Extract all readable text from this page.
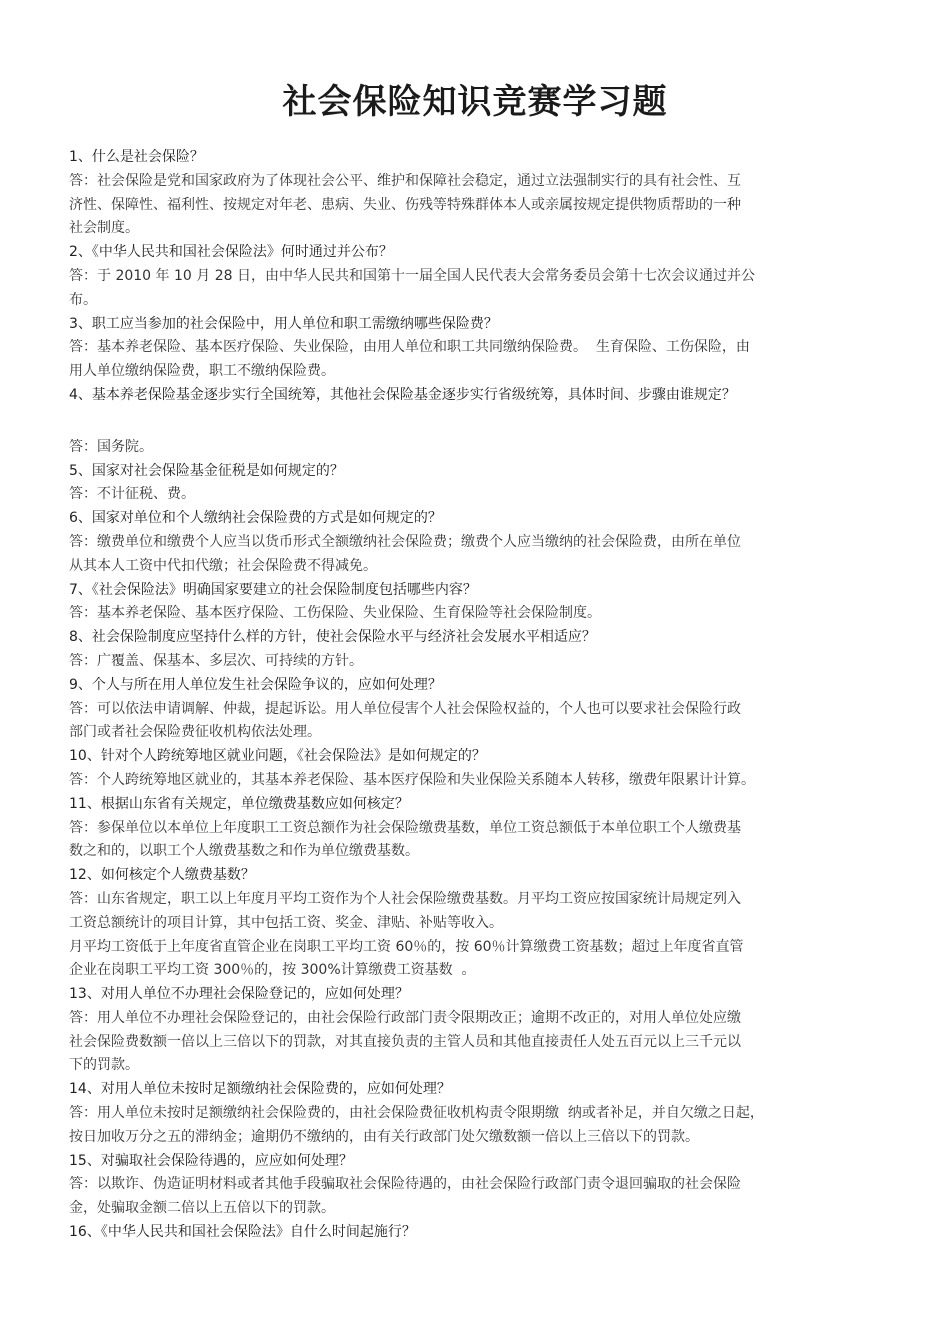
社会保险知识竞赛学习题
1、什么是社会保险？
答：社会保险是党和国家政府为了体现社会公平、维护和保障社会稳定，通过立法强制实行的具有社会性、互
济性、保障性、福利性、按规定对年老、患病、失业、伤残等特殊群体本人或亲属按规定提供物质帮助的一种
社会制度。
2、《中华人民共和国社会保险法》何时通过并公布？
答：于 2010 年 10 月 28 日，由中华人民共和国第十一届全国人民代表大会常务委员会第十七次会议通过并公
布。
3、职工应当参加的社会保险中，用人单位和职工需缴纳哪些保险费？
答：基本养老保险、基本医疗保险、失业保险，由用人单位和职工共同缴纳保险费。  生育保险、工伤保险，由
用人单位缴纳保险费，职工不缴纳保险费。
4、基本养老保险基金逐步实行全国统筹，其他社会保险基金逐步实行省级统筹，具体时间、步骤由谁规定？
答：国务院。
5、国家对社会保险基金征税是如何规定的？
答：不计征税、费。
6、国家对单位和个人缴纳社会保险费的方式是如何规定的？
答：缴费单位和缴费个人应当以货币形式全额缴纳社会保险费；缴费个人应当缴纳的社会保险费，由所在单位
从其本人工资中代扣代缴；社会保险费不得减免。
7、《社会保险法》明确国家要建立的社会保险制度包括哪些内容？
答：基本养老保险、基本医疗保险、工伤保险、失业保险、生育保险等社会保险制度。
8、社会保险制度应坚持什么样的方针，使社会保险水平与经济社会发展水平相适应？
答：广覆盖、保基本、多层次、可持续的方针。
9、个人与所在用人单位发生社会保险争议的，应如何处理？
答：可以依法申请调解、仲裁，提起诉讼。用人单位侵害个人社会保险权益的，个人也可以要求社会保险行政
部门或者社会保险费征收机构依法处理。
10、针对个人跨统筹地区就业问题，《社会保险法》是如何规定的？
答：个人跨统筹地区就业的，其基本养老保险、基本医疗保险和失业保险关系随本人转移，缴费年限累计计算。
11、根据山东省有关规定，单位缴费基数应如何核定？
答：参保单位以本单位上年度职工工资总额作为社会保险缴费基数，单位工资总额低于本单位职工个人缴费基
数之和的，以职工个人缴费基数之和作为单位缴费基数。
12、如何核定个人缴费基数？
答：山东省规定，职工以上年度月平均工资作为个人社会保险缴费基数。月平均工资应按国家统计局规定列入
工资总额统计的项目计算，其中包括工资、奖金、津贴、补贴等收入。
月平均工资低于上年度省直管企业在岗职工平均工资 60％的，按 60％计算缴费工资基数；超过上年度省直管
企业在岗职工平均工资 300％的，按 300%计算缴费工资基数  。
13、对用人单位不办理社会保险登记的，应如何处理？
答：用人单位不办理社会保险登记的，由社会保险行政部门责令限期改正；逾期不改正的，对用人单位处应缴
社会保险费数额一倍以上三倍以下的罚款，对其直接负责的主管人员和其他直接责任人处五百元以上三千元以
下的罚款。
14、对用人单位未按时足额缴纳社会保险费的，应如何处理？
答：用人单位未按时足额缴纳社会保险费的，由社会保险费征收机构责令限期缴  纳或者补足，并自欠缴之日起，
按日加收万分之五的滞纳金；逾期仍不缴纳的，由有关行政部门处欠缴数额一倍以上三倍以下的罚款。
15、对骗取社会保险待遇的，应应如何处理？
答：以欺诈、伪造证明材料或者其他手段骗取社会保险待遇的，由社会保险行政部门责令退回骗取的社会保险
金，处骗取金额二倍以上五倍以下的罚款。
16、《中华人民共和国社会保险法》自什么时间起施行？
